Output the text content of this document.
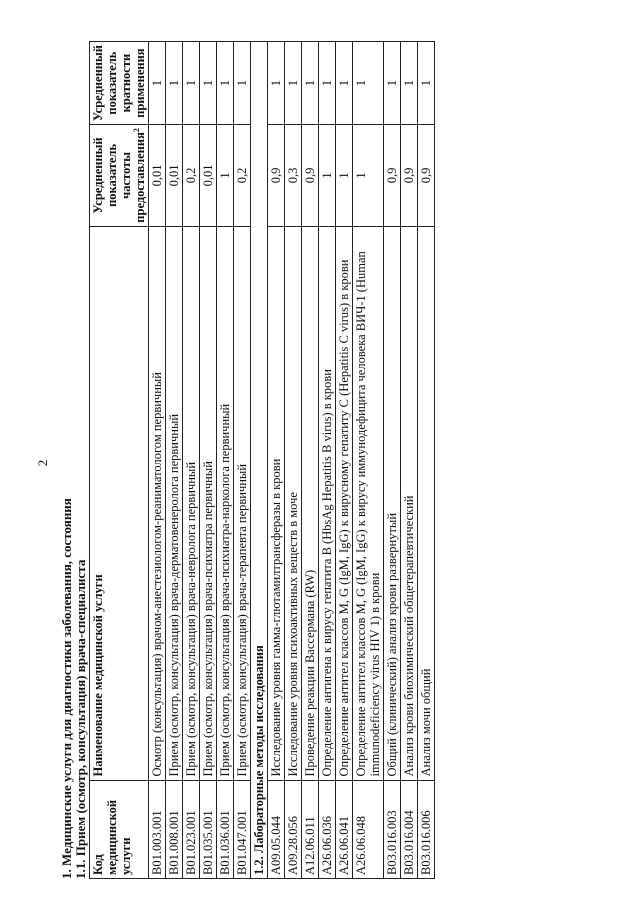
2
1. Медицинские услуги для диагностики заболевания, состояния 1.1. Прием (осмотр, консультация) врача-специалиста Код медицинской услуги	Наименование медицинской услуги	Усредненный показатель частоты предоставления$^2$	Усредненный показатель кратности применения
B01.003.001	Осмотр (консультация) врачом-анестезиологом-реаниматологом первичный	0,01	1
B01.008.001	Прием (осмотр, консультация) врача-дерматовенеролога первичный	0,01	1
B01.023.001	Прием (осмотр, консультация) врача-невролога первичный	0,2	1
B01.035.001	Прием (осмотр, консультация) врача-психиатра первичный	0,01	1
B01.036.001	Прием (осмотр, консультация) врача-психиатра-нарколога первичный	1	1
B01.047.001	Прием (осмотр, консультация) врача-терапевта первичный	0,2	1
1.2. Лабораторные методы исследования			
A09.05.044	Исследование уровня гамма-глютамилтрансферазы в крови	0,9	1
A09.28.056	Исследование уровня психоактивных веществ в моче	0,3	1
A12.06.011	Проведение реакции Вассермана (RW)	0,9	1
A26.06.036	Определение антигена к вирусу гепатита B (HbsAg Hepatitis B virus) в крови	1	1
A26.06.041	Определение антител классов M, G (IgM, IgG) к вирусному гепатиту C (Hepatitis C virus) в крови	1	1
A26.06.048	Определение антител классов M, G (IgM, IgG) к вирусу иммунодефицита человека ВИЧ-1 (Human immunodeficiency virus HIV 1) в крови	1	1
B03.016.003	Общий (клинический) анализ крови развернутый	0,9	1
B03.016.004	Анализ крови биохимический общетерапевтический	0,9	1
B03.016.006	Анализ мочи общий	0,9	1
